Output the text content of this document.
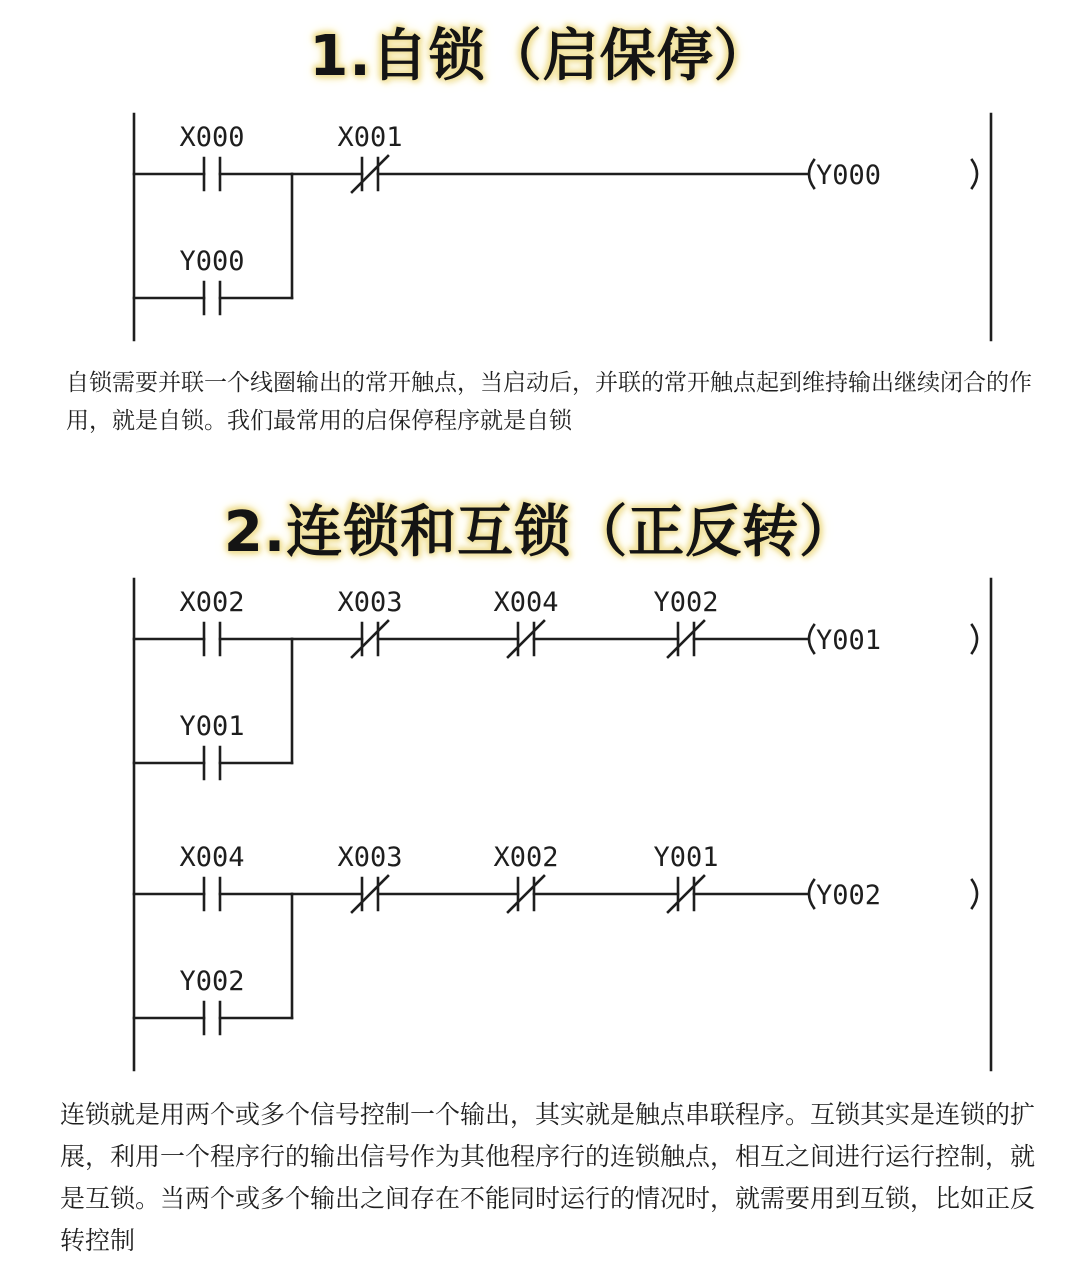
1.自锁（启保停）
X000
Y000
X001
Y000

自锁需要并联一个线圈输出的常开触点，当启动后，并联的常开触点起到维持输出继续闭合的作用，就是自锁。我们最常用的启保停程序就是自锁

2.连锁和互锁（正反转）
X002
Y001
X003	X004	Y002
Y001
X004
Y002
X003	X002	Y001
Y002

连锁就是用两个或多个信号控制一个输出，其实就是触点串联程序。互锁其实是连锁的扩展，利用一个程序行的输出信号作为其他程序行的连锁触点，相互之间进行运行控制，就是互锁。当两个或多个输出之间存在不能同时运行的情况时，就需要用到互锁，比如正反转控制
